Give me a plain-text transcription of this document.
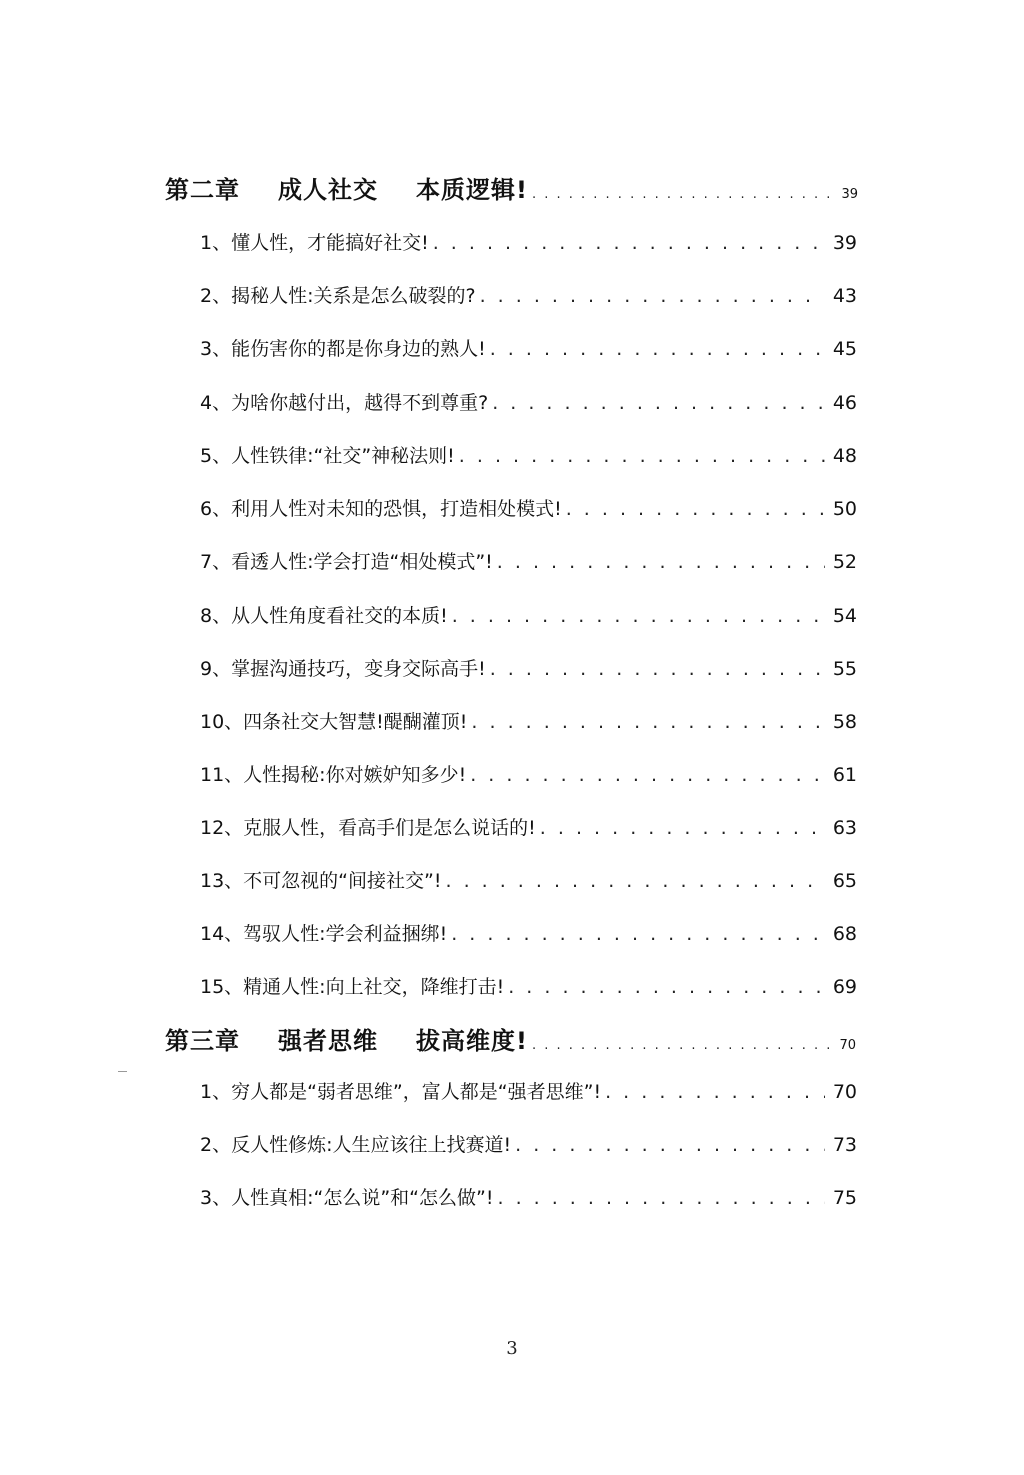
第二章 成人社交 本质逻辑! . . .	39
1、懂人性，才能搞好社交! . . .	39
2、揭秘人性:关系是怎么破裂的? . . .	43
3、能伤害你的都是你身边的熟人! . . .	45
4、为啥你越付出，越得不到尊重? . . .	46
5、人性铁律:“社交”神秘法则! . . .	48
6、利用人性对未知的恐惧，打造相处模式! . . .	50
7、看透人性:学会打造“相处模式”! . . .	52
8、从人性角度看社交的本质! . . .	54
9、掌握沟通技巧，变身交际高手! . . .	55
10、四条社交大智慧!醍醐灌顶! . . .	58
11、人性揭秘:你对嫉妒知多少! . . .	61
12、克服人性，看高手们是怎么说话的! . . .	63
13、不可忽视的“间接社交”! . . .	65
14、驾驭人性:学会利益捆绑! . . .	68
15、精通人性:向上社交，降维打击! . . .	69
第三章 强者思维 拔高维度! . . .	70
1、穷人都是“弱者思维”，富人都是“强者思维”! . . .	70
2、反人性修炼:人生应该往上找赛道! . . .	73
3、人性真相:“怎么说”和“怎么做”! . . .	75
3
